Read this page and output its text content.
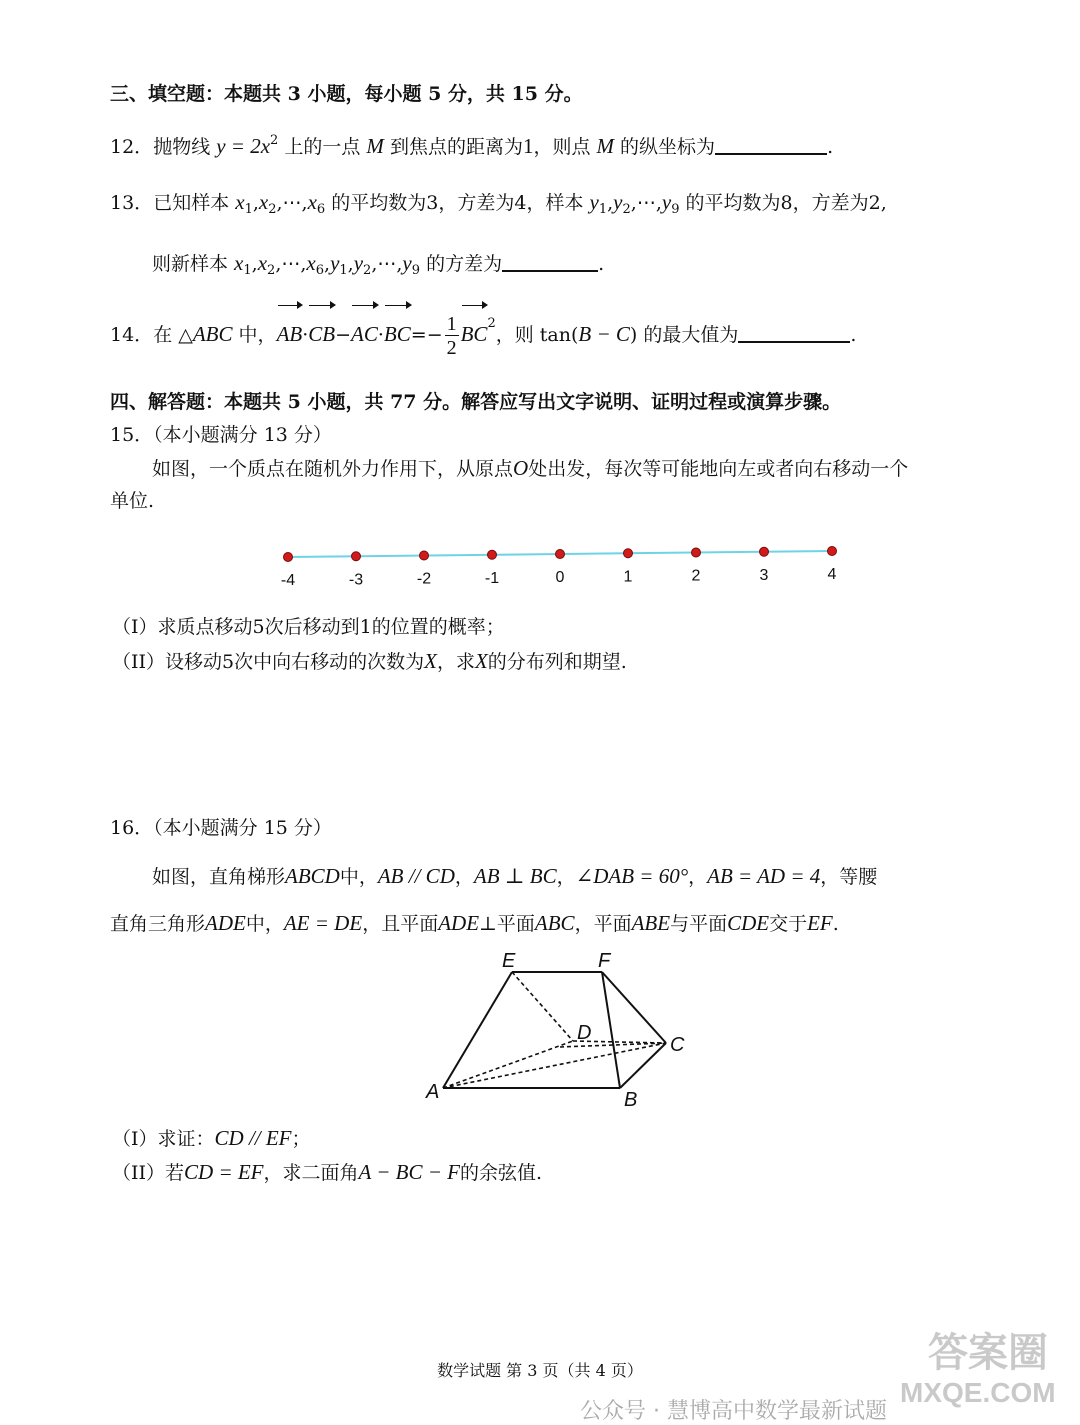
三、填空题：本题共 3 小题，每小题 5 分，共 15 分。
12．抛物线 $y = 2x^2$ 上的一点 M 到焦点的距离为1，则点 M 的纵坐标为	.
13．已知样本 $x_1,x_2,\cdots,x_6$ 的平均数为3，方差为4，样本 $y_1,y_2,\cdots,y_9$ 的平均数为8，方差为2,
则新样本 $x_1,x_2,\cdots,x_6,y_1,y_2,\cdots,y_9$ 的方差为	.
14．在 △ABC 中，$AB\cdot CB-AC\cdot BC=- \frac{1}{2} BC^2$，则 tan(B − C) 的最大值为	.
四、解答题：本题共 5 小题，共 77 分。解答应写出文字说明、证明过程或演算步骤。
15．（本小题满分 13 分）
如图，一个质点在随机外力作用下，从原点O处出发，每次等可能地向左或者向右移动一个
单位.
-4	-3	-2	-1	0	1	2	3	4
（I）求质点移动5次后移动到1的位置的概率；
（II）设移动5次中向右移动的次数为X，求X的分布列和期望.
16．（本小题满分 15 分）
如图，直角梯形ABCD中，AB // CD，AB ⊥ BC，∠DAB = 60°，AB = AD = 4，等腰
直角三角形ADE中，AE = DE，且平面ADE⊥平面ABC，平面ABE与平面CDE交于EF.
E	F
D
C
A	B
（I）求证：CD // EF；
（II）若CD = EF，求二面角A − BC − F的余弦值.
数学试题 第 3 页（共 4 页）	答案圈
MXQE.COM
公众号 · 慧博高中数学最新试题
